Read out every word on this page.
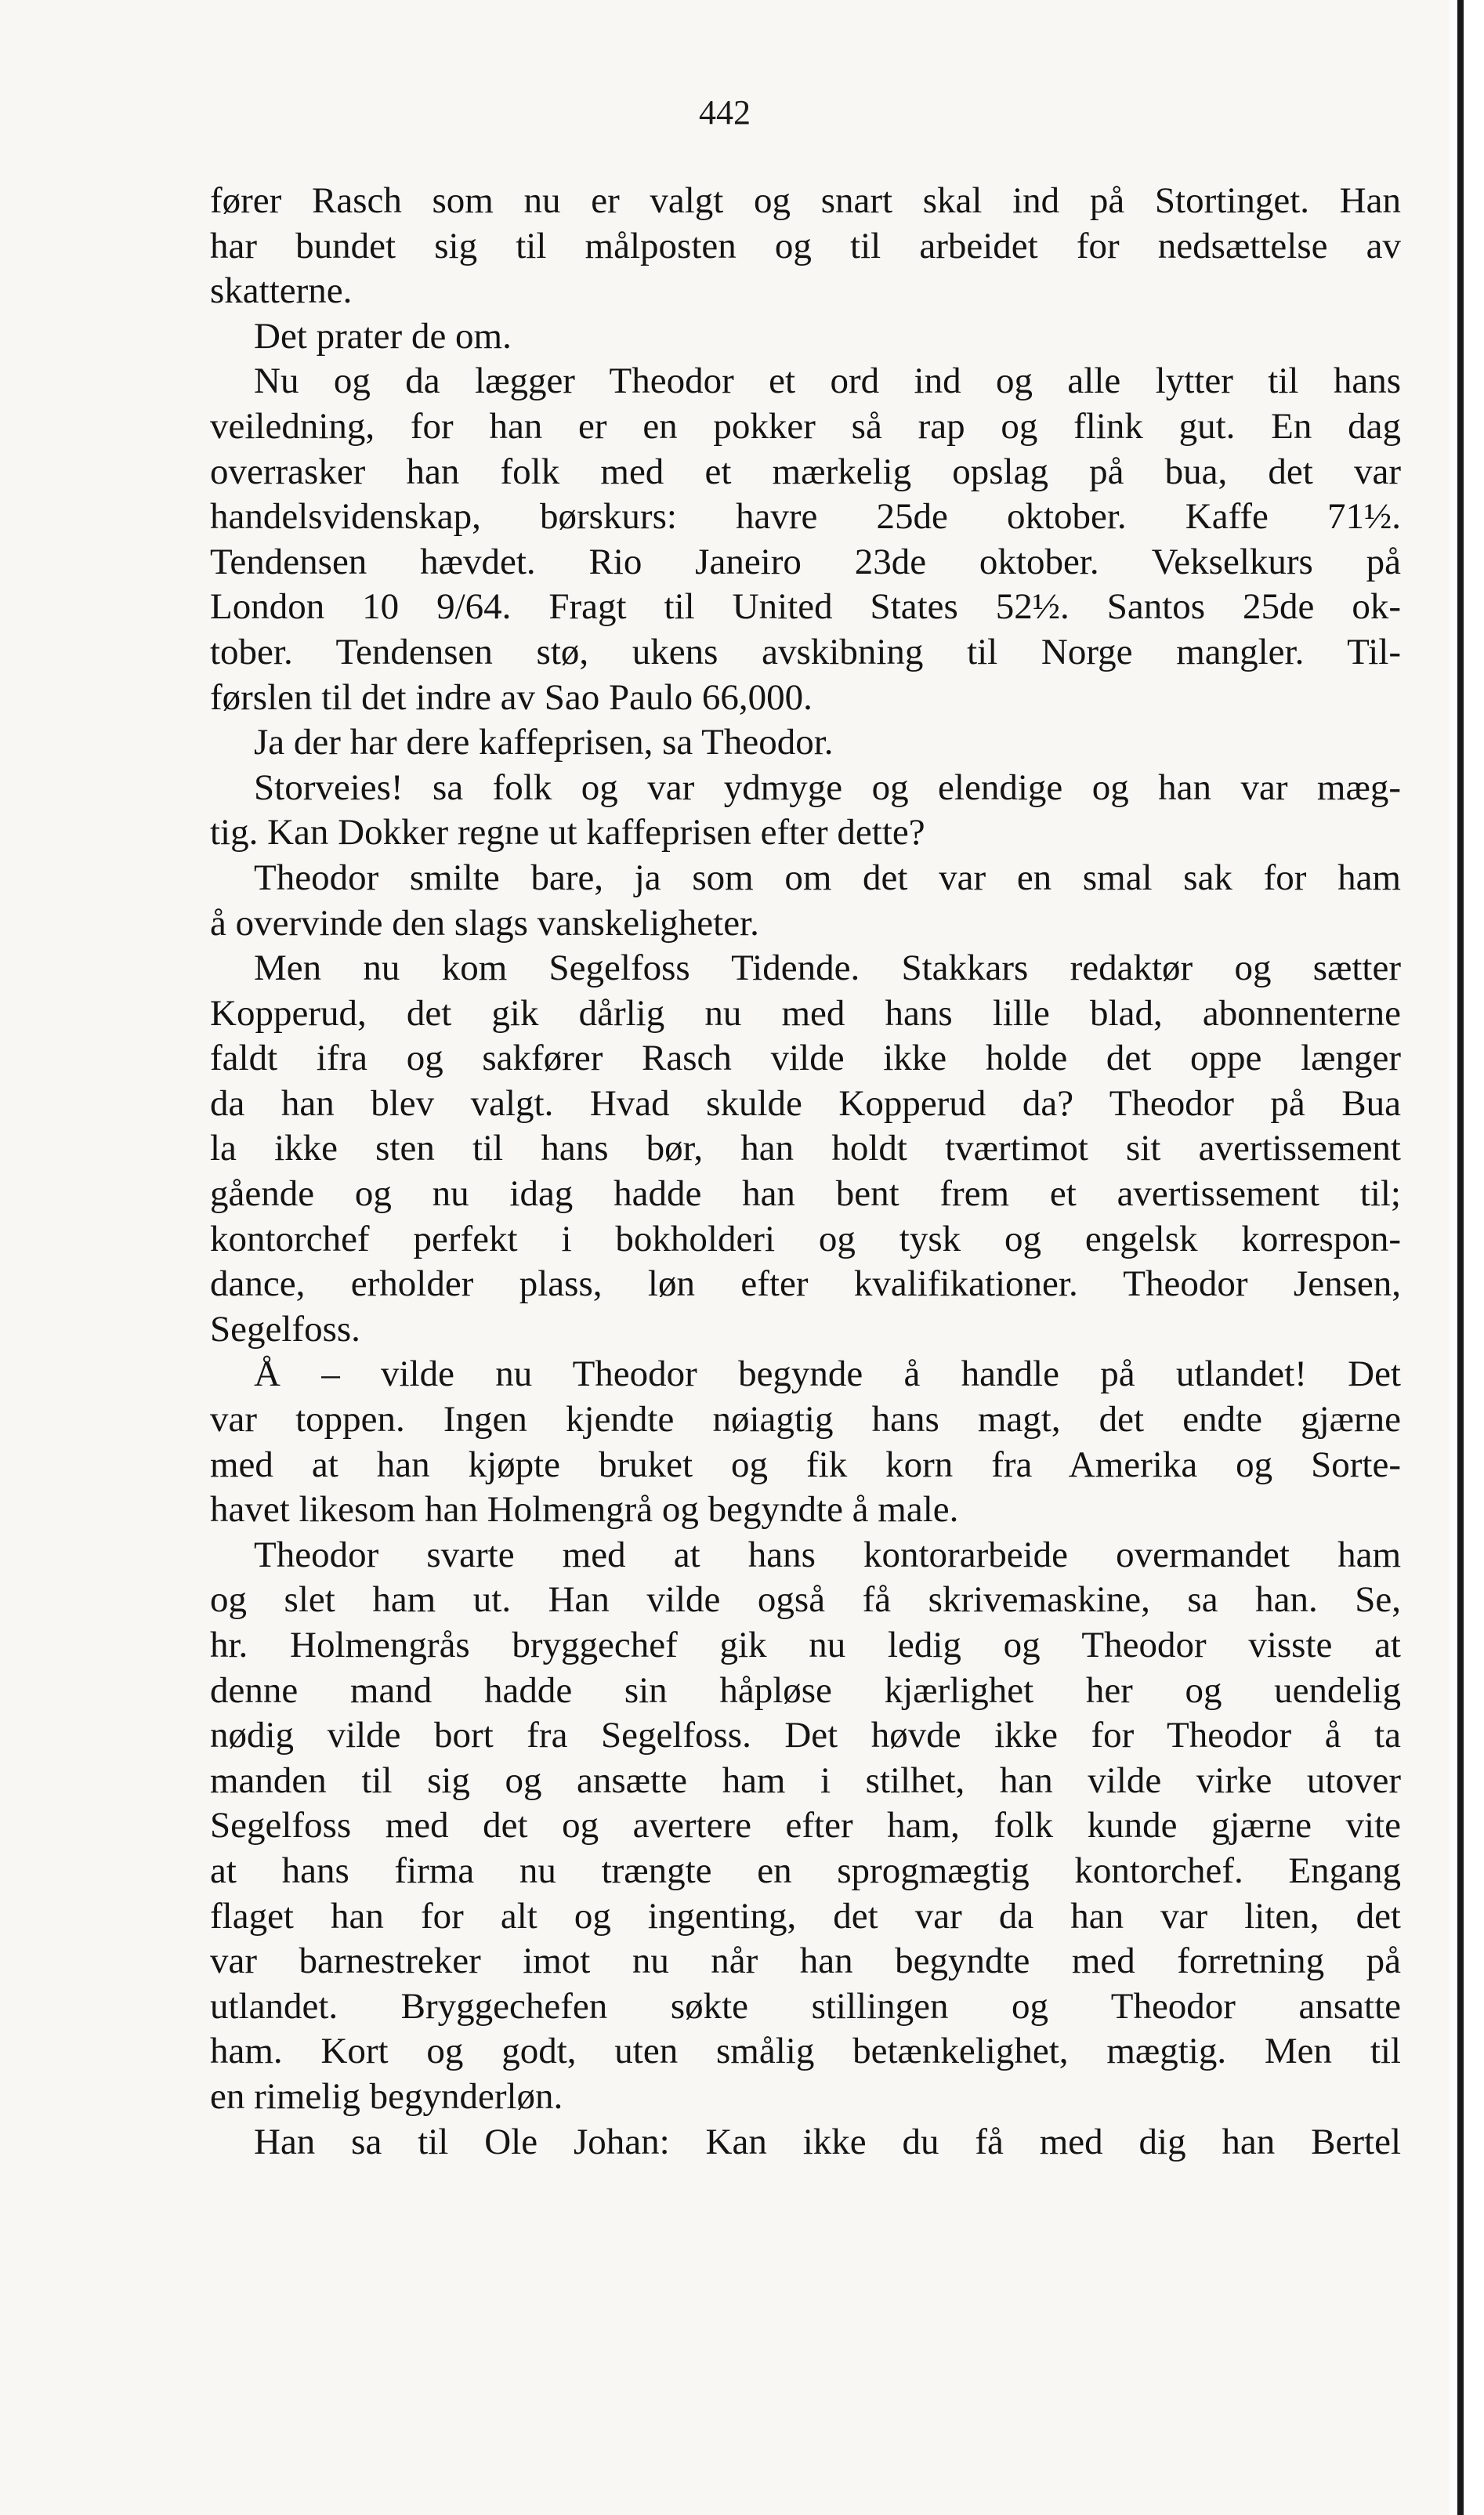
442
fører Rasch som nu er valgt og snart skal ind på Stortinget. Han
har bundet sig til målposten og til arbeidet for nedsættelse av
skatterne.
Det prater de om.
Nu og da lægger Theodor et ord ind og alle lytter til hans
veiledning, for han er en pokker så rap og flink gut. En dag
overrasker han folk med et mærkelig opslag på bua, det var
handelsvidenskap, børskurs: havre 25de oktober. Kaffe 71½.
Tendensen hævdet. Rio Janeiro 23de oktober. Vekselkurs på
London 10 9/64. Fragt til United States 52½. Santos 25de ok-
tober. Tendensen stø, ukens avskibning til Norge mangler. Til-
førslen til det indre av Sao Paulo 66,000.
Ja der har dere kaffeprisen, sa Theodor.
Storveies! sa folk og var ydmyge og elendige og han var mæg-
tig. Kan Dokker regne ut kaffeprisen efter dette?
Theodor smilte bare, ja som om det var en smal sak for ham
å overvinde den slags vanskeligheter.
Men nu kom Segelfoss Tidende. Stakkars redaktør og sætter
Kopperud, det gik dårlig nu med hans lille blad, abonnenterne
faldt ifra og sakfører Rasch vilde ikke holde det oppe længer
da han blev valgt. Hvad skulde Kopperud da? Theodor på Bua
la ikke sten til hans bør, han holdt tværtimot sit avertissement
gående og nu idag hadde han bent frem et avertissement til;
kontorchef perfekt i bokholderi og tysk og engelsk korrespon-
dance, erholder plass, løn efter kvalifikationer. Theodor Jensen,
Segelfoss.
Å – vilde nu Theodor begynde å handle på utlandet! Det
var toppen. Ingen kjendte nøiagtig hans magt, det endte gjærne
med at han kjøpte bruket og fik korn fra Amerika og Sorte-
havet likesom han Holmengrå og begyndte å male.
Theodor svarte med at hans kontorarbeide overmandet ham
og slet ham ut. Han vilde også få skrivemaskine, sa han. Se,
hr. Holmengrås bryggechef gik nu ledig og Theodor visste at
denne mand hadde sin håpløse kjærlighet her og uendelig
nødig vilde bort fra Segelfoss. Det høvde ikke for Theodor å ta
manden til sig og ansætte ham i stilhet, han vilde virke utover
Segelfoss med det og avertere efter ham, folk kunde gjærne vite
at hans firma nu trængte en sprogmægtig kontorchef. Engang
flaget han for alt og ingenting, det var da han var liten, det
var barnestreker imot nu når han begyndte med forretning på
utlandet. Bryggechefen søkte stillingen og Theodor ansatte
ham. Kort og godt, uten smålig betænkelighet, mægtig. Men til
en rimelig begynderløn.
Han sa til Ole Johan: Kan ikke du få med dig han Bertel
